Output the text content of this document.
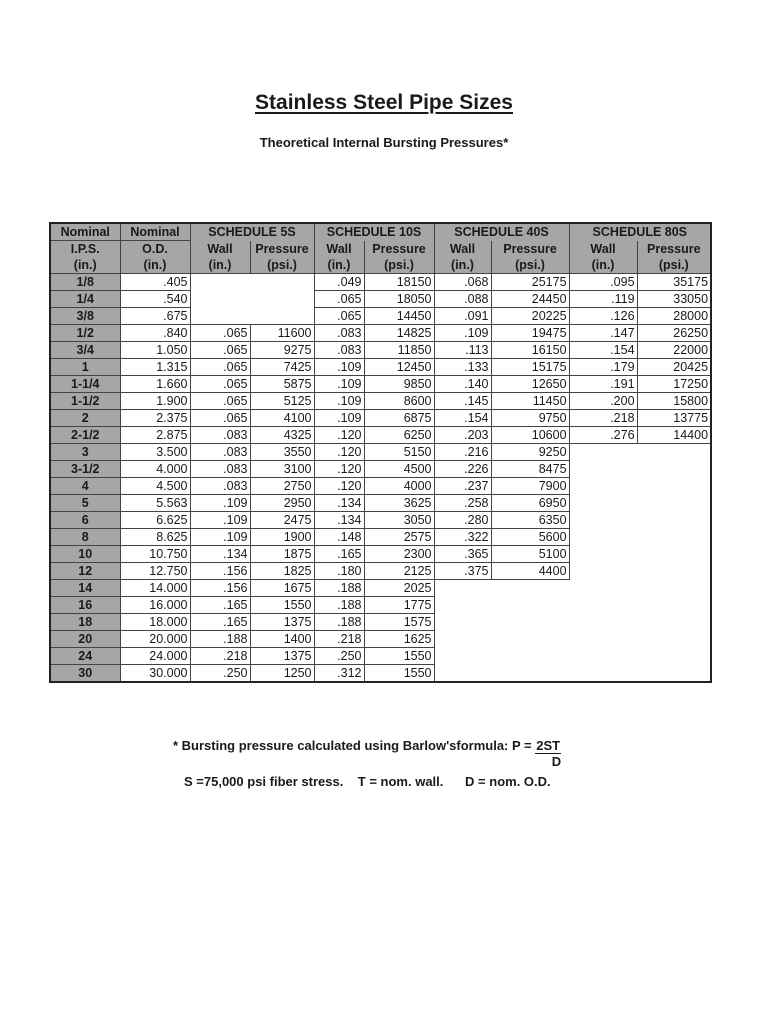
Stainless Steel Pipe Sizes
Theoretical Internal Bursting Pressures*
Nominal	Nominal	SCHEDULE 5S		SCHEDULE 10S		SCHEDULE 40S		SCHEDULE 80S	
I.P.S.	O.D.	Wall	Pressure	Wall	Pressure	Wall	Pressure	Wall	Pressure
(in.)	(in.)	(in.)	(psi.)	(in.)	(psi.)	(in.)	(psi.)	(in.)	(psi.)
1/8	.405			.049	18150	.068	25175	.095	35175
1/4	.540			.065	18050	.088	24450	.119	33050
3/8	.675			.065	14450	.091	20225	.126	28000
1/2	.840	.065	11600	.083	14825	.109	19475	.147	26250
3/4	1.050	.065	9275	.083	11850	.113	16150	.154	22000
1	1.315	.065	7425	.109	12450	.133	15175	.179	20425
1-1/4	1.660	.065	5875	.109	9850	.140	12650	.191	17250
1-1/2	1.900	.065	5125	.109	8600	.145	11450	.200	15800
2	2.375	.065	4100	.109	6875	.154	9750	.218	13775
2-1/2	2.875	.083	4325	.120	6250	.203	10600	.276	14400
3	3.500	.083	3550	.120	5150	.216	9250		
3-1/2	4.000	.083	3100	.120	4500	.226	8475		
4	4.500	.083	2750	.120	4000	.237	7900		
5	5.563	.109	2950	.134	3625	.258	6950		
6	6.625	.109	2475	.134	3050	.280	6350		
8	8.625	.109	1900	.148	2575	.322	5600		
10	10.750	.134	1875	.165	2300	.365	5100		
12	12.750	.156	1825	.180	2125	.375	4400		
14	14.000	.156	1675	.188	2025				
16	16.000	.165	1550	.188	1775				
18	18.000	.165	1375	.188	1575				
20	20.000	.188	1400	.218	1625				
24	24.000	.218	1375	.250	1550				
30	30.000	.250	1250	.312	1550				
* Bursting pressure calculated using Barlow'sformula: $P = \frac{2ST}{D}$
S =75,000 psi fiber stress.    T = nom. wall.      D = nom. O.D.
